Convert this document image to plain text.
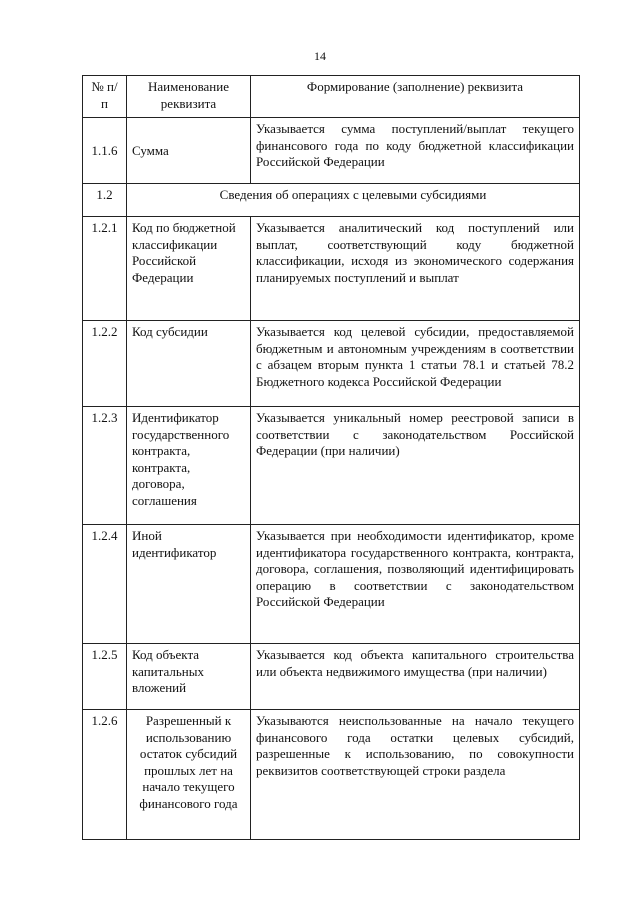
14
№ п/п	Наименование реквизита	Формирование (заполнение) реквизита
1.1.6	Сумма	Указывается сумма поступлений/выплат текущего финансового года по коду бюджетной классификации Российской Федерации
1.2	Сведения об операциях с целевыми субсидиями	
1.2.1	Код по бюджетной классификации Российской Федерации	Указывается аналитический код поступлений или выплат, соответствующий коду бюджетной классификации, исходя из экономического содержания планируемых поступлений и выплат
1.2.2	Код субсидии	Указывается код целевой субсидии, предоставляемой бюджетным и автономным учреждениям в соответствии с абзацем вторым пункта 1 статьи 78.1 и статьей 78.2 Бюджетного кодекса Российской Федерации
1.2.3	Идентификатор государственного контракта, контракта, договора, соглашения	Указывается уникальный номер реестровой записи в соответствии с законодательством Российской Федерации (при наличии)
1.2.4	Иной идентификатор	Указывается при необходимости идентификатор, кроме идентификатора государственного контракта, контракта, договора, соглашения, позволяющий идентифицировать операцию в соответствии с законодательством Российской Федерации
1.2.5	Код объекта капитальных вложений	Указывается код объекта капитального строительства или объекта недвижимого имущества (при наличии)
1.2.6	Разрешенный к использованию остаток субсидий прошлых лет на начало текущего финансового года	Указываются неиспользованные на начало текущего финансового года остатки целевых субсидий, разрешенные к использованию, по совокупности реквизитов соответствующей строки раздела
